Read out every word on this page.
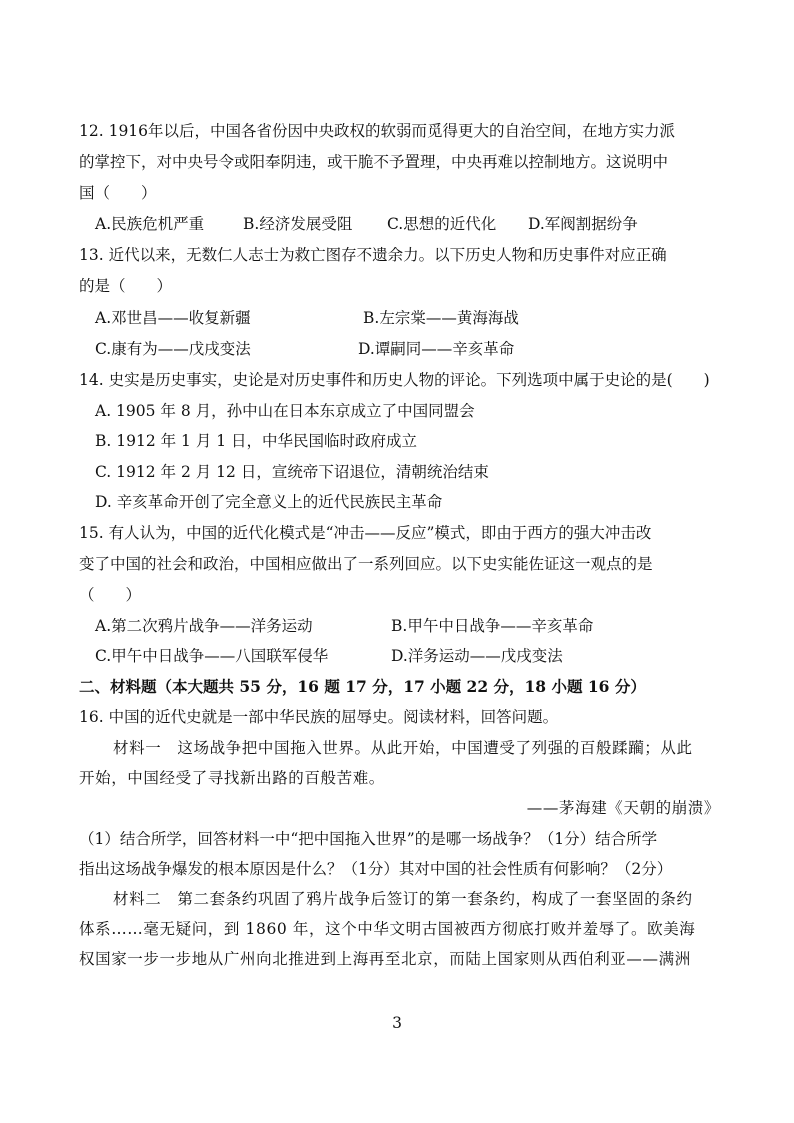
12. 1916年以后，中国各省份因中央政权的软弱而觅得更大的自治空间，在地方实力派
的掌控下，对中央号令或阳奉阴违，或干脆不予置理，中央再难以控制地方。这说明中
国（　　）
A.民族危机严重	B.经济发展受阻 C.思想的近代化 D.军阀割据纷争
13. 近代以来，无数仁人志士为救亡图存不遗余力。以下历史人物和历史事件对应正确
的是（　　）
A.邓世昌——收复新疆	B.左宗棠——黄海海战
C.康有为——戊戌变法	D.谭嗣同——辛亥革命
14. 史实是历史事实，史论是对历史事件和历史人物的评论。下列选项中属于史论的是(　　)
A. 1905 年 8 月，孙中山在日本东京成立了中国同盟会
B. 1912 年 1 月 1 日，中华民国临时政府成立
C. 1912 年 2 月 12 日，宣统帝下诏退位，清朝统治结束
D. 辛亥革命开创了完全意义上的近代民族民主革命
15. 有人认为，中国的近代化模式是“冲击——反应”模式，即由于西方的强大冲击改
变了中国的社会和政治，中国相应做出了一系列回应。以下史实能佐证这一观点的是
（　　）
A.第二次鸦片战争——洋务运动	B.甲午中日战争——辛亥革命
C.甲午中日战争——八国联军侵华	D.洋务运动——戊戌变法
二、材料题（本大题共 55 分，16 题 17 分，17 小题 22 分，18 小题 16 分）
16. 中国的近代史就是一部中华民族的屈辱史。阅读材料，回答问题。
材料一　这场战争把中国拖入世界。从此开始，中国遭受了列强的百般蹂躏；从此
开始，中国经受了寻找新出路的百般苦难。
——茅海建《天朝的崩溃》
（1）结合所学，回答材料一中“把中国拖入世界”的是哪一场战争？（1分）结合所学
指出这场战争爆发的根本原因是什么？（1分）其对中国的社会性质有何影响？（2分）
材料二　第二套条约巩固了鸦片战争后签订的第一套条约，构成了一套坚固的条约
体系……毫无疑问，到 1860 年，这个中华文明古国被西方彻底打败并羞辱了。欧美海
权国家一步一步地从广州向北推进到上海再至北京，而陆上国家则从西伯利亚——满洲
3
